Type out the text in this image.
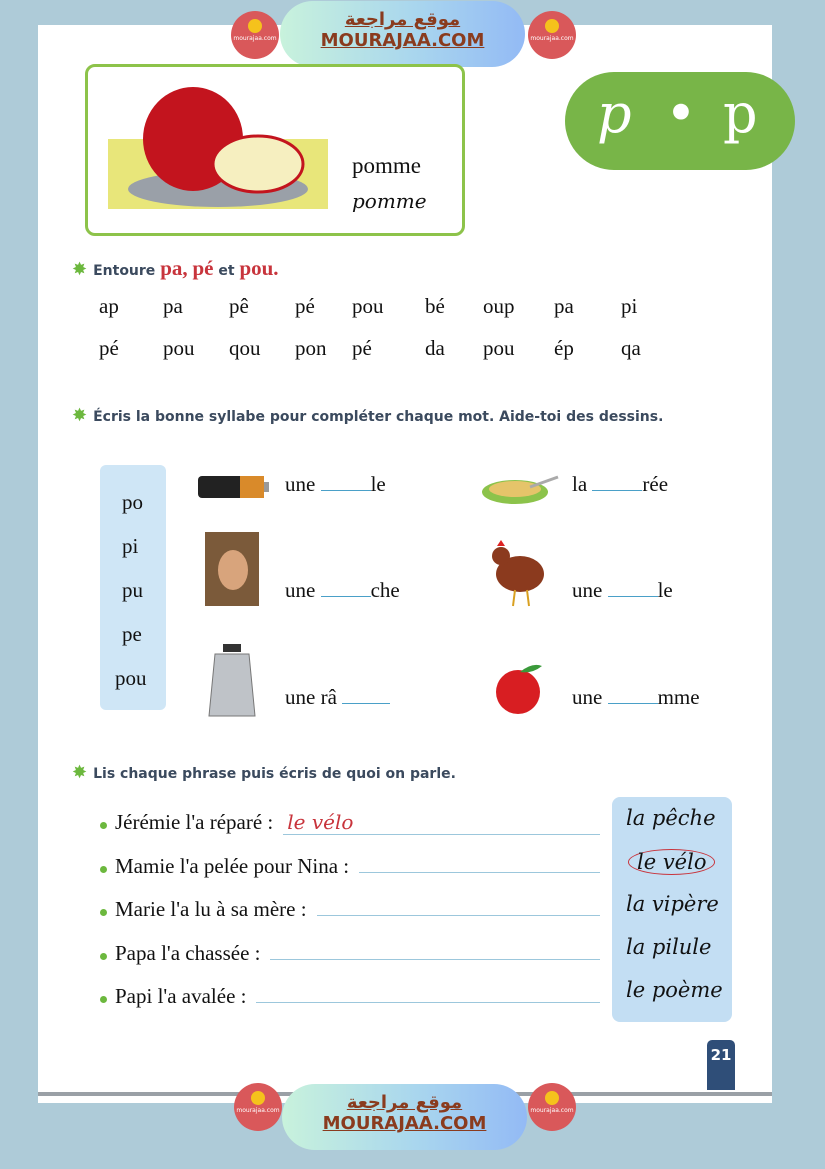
mourajaa.com
موقع مراجعة
MOURAJAA.COM	mourajaa.com
pomme
pomme
p • p
✸ Entoure pa, pé et pou.
ap pa pê pé pou bé oup pa pi
pé pou qou pon pé	da pou ép qa
✸ Écris la bonne syllabe pour compléter chaque mot. Aide-toi des dessins.
po
pi
pu
pe
pou
une	le	la	rée
une	che	une	le
une râ	une	mme
✸ Lis chaque phrase puis écris de quoi on parle.
Jérémie l'a réparé : le vélo
Mamie l'a pelée pour Nina :
Marie l'a lu à sa mère :
Papa l'a chassée :
Papi l'a avalée :
la pêche
le vélo
la vipère
la pilule
le poème
21
mourajaa.com	موقع مراجعة
MOURAJAA.COM
mourajaa.com
